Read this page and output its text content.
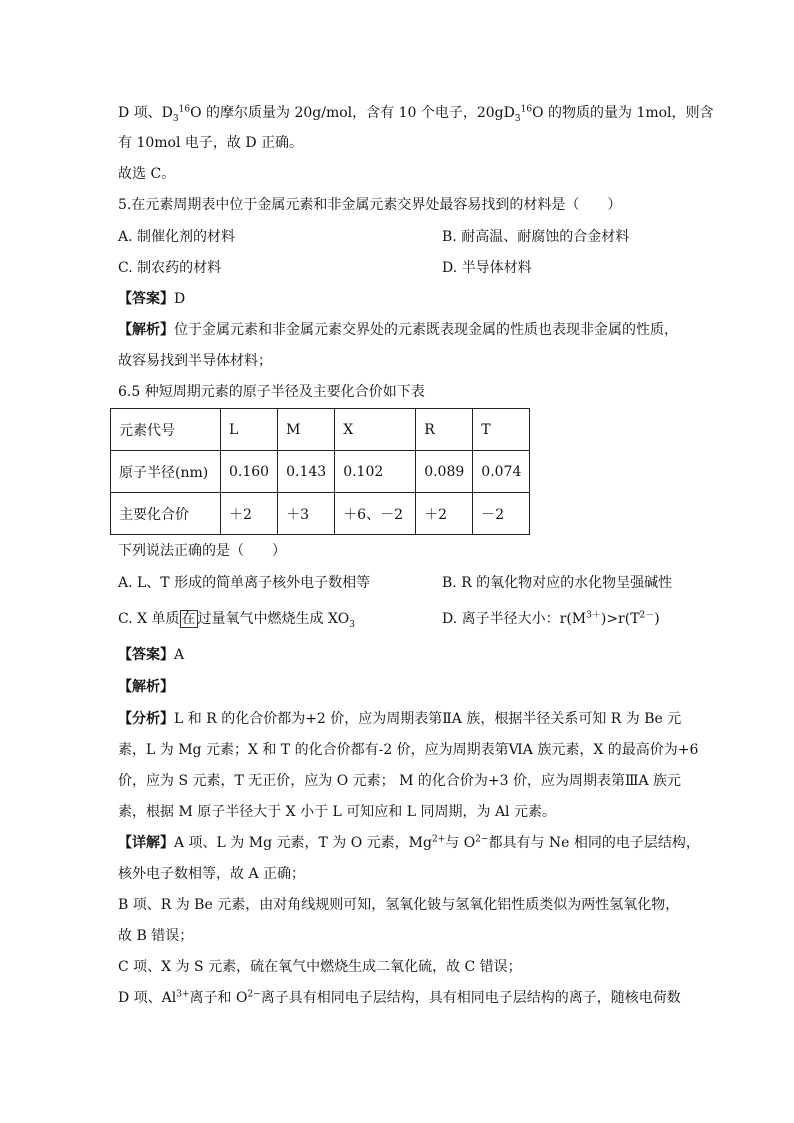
D 项、$D_3^{16}O$ 的摩尔质量为 20g/mol，含有 10 个电子，$20gD_3^{16}O$ 的物质的量为 1mol，则含
有 10mol 电子，故 D 正确。
故选 C。
5.在元素周期表中位于金属元素和非金属元素交界处最容易找到的材料是（　　）
A. 制催化剂的材料	B. 耐高温、耐腐蚀的合金材料
C. 制农药的材料	D. 半导体材料
【答案】D
【解析】位于金属元素和非金属元素交界处的元素既表现金属的性质也表现非金属的性质，
故容易找到半导体材料；
6.5 种短周期元素的原子半径及主要化合价如下表
元素代号	L	M	X	R	T
原子半径(nm)	0.160	0.143	0.102	0.089	0.074
主要化合价	＋2	＋3	＋6、－2	＋2	－2
下列说法正确的是（　　）
A. L、T 形成的简单离子核外电子数相等	B. R 的氧化物对应的水化物呈强碱性
C. X 单质 在 过量氧气中燃烧生成 $XO_3$	D. 离子半径大小：$r(M^{3+})>r(T^{2-})$
【答案】A
【解析】
【分析】L 和 R 的化合价都为+2 价，应为周期表第ⅡA 族，根据半径关系可知 R 为 Be 元
素，L 为 Mg 元素；X 和 T 的化合价都有-2 价，应为周期表第ⅥA 族元素，X 的最高价为+6
价，应为 S 元素，T 无正价，应为 O 元素； M 的化合价为+3 价，应为周期表第ⅢA 族元
素，根据 M 原子半径大于 X 小于 L 可知应和 L 同周期，为 Al 元素。
【详解】A 项、L 为 Mg 元素，T 为 O 元素，$Mg^{2+}$与 $O^{2-}$都具有与 Ne 相同的电子层结构，
核外电子数相等，故 A 正确；
B 项、R 为 Be 元素，由对角线规则可知，氢氧化铍与氢氧化铝性质类似为两性氢氧化物，
故 B 错误；
C 项、X 为 S 元素，硫在氧气中燃烧生成二氧化硫，故 C 错误；
D 项、$Al^{3+}$离子和 $O^{2-}$离子具有相同电子层结构，具有相同电子层结构的离子，随核电荷数
